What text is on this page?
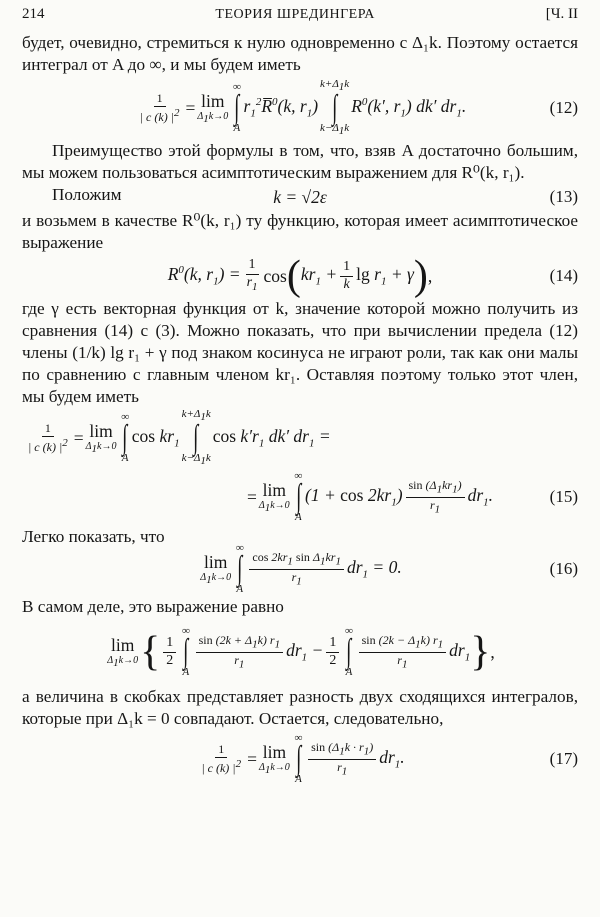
214	ТЕОРИЯ ШРЕДИНГЕРА	[Ч. II

будет, очевидно, стремиться к нулю одновременно с Δ₁k. Поэтому остается интеграл от A до ∞, и мы будем иметь

$\frac{1}{| c (k) |^2} = \lim$
$\Delta_1k\to 0$
∞
∫
A
$r_1^2R̅^0(k$, $r_1$)
$k+\Delta_1k$
∫
$k-\Delta_1k$
$R^0(k'$, $r_1$) dk′ $dr_1$.	(12)

Преимущество этой формулы в том, что, взяв A достаточно большим, мы можем пользоваться асимптотическим выражением для R⁰(k, r₁).

Положим	k = √2ε	(13)

и возьмем в качестве R⁰(k, r₁) ту функцию, которая имеет асимптотическое выражение

$R^0(k$, $r_1) = \frac{1}{r_1}$ cos ( $kr_1 + \frac{1}{k}$ $\lg r_1 + \gamma$ ) ,	(14)

где γ есть векторная функция от k, значение которой можно получить из сравнения (14) с (3). Можно показать, что при вычислении предела (12) члены (1/k) lg r₁ + γ под знаком косинуса не играют роли, так как они малы по сравнению с главным членом kr₁. Оставляя поэтому только этот член, мы будем иметь

$\frac{1}{| c (k) |^2} = \lim$
$\Delta_1k\to 0$
∞
∫
A
$\cos kr_1$
$k+\Delta_1k$
∫
$k-\Delta_1k$
$\cos k'r_1$ dk′ $dr_1$ =
= lim
$\Delta_1k\to 0$
∞
∫
A
$(1 + \cos 2kr_1) \frac{\sin (\Delta_1kr_1)}{r_1} dr_1$.	(15)

Легко показать, что

lim
$\Delta_1k\to 0$
∞
∫
A
$\frac{\cos 2kr_1 \sin \Delta_1kr_1}{r_1} dr_1 = 0$.	(16)

В самом деле, это выражение равно

lim
$\Delta_1k\to 0$ { $\frac{1}{2}$
∞
∫
A
$\frac{\sin (2k + \Delta_1k) r_1}{r_1} dr_1 - \frac{1}{2}$
∞
∫
A
$\frac{\sin (2k - \Delta_1k) r_1}{r_1} dr_1$ } ,

а величина в скобках представляет разность двух сходящихся интегралов, которые при Δ₁k = 0 совпадают. Остается, следовательно,

$\frac{1}{| c (k) |^2} = \lim$
$\Delta_1k\to 0$
∞
∫
A
$\frac{\sin (\Delta_1k \cdot r_1)}{r_1} dr_1$.	(17)
